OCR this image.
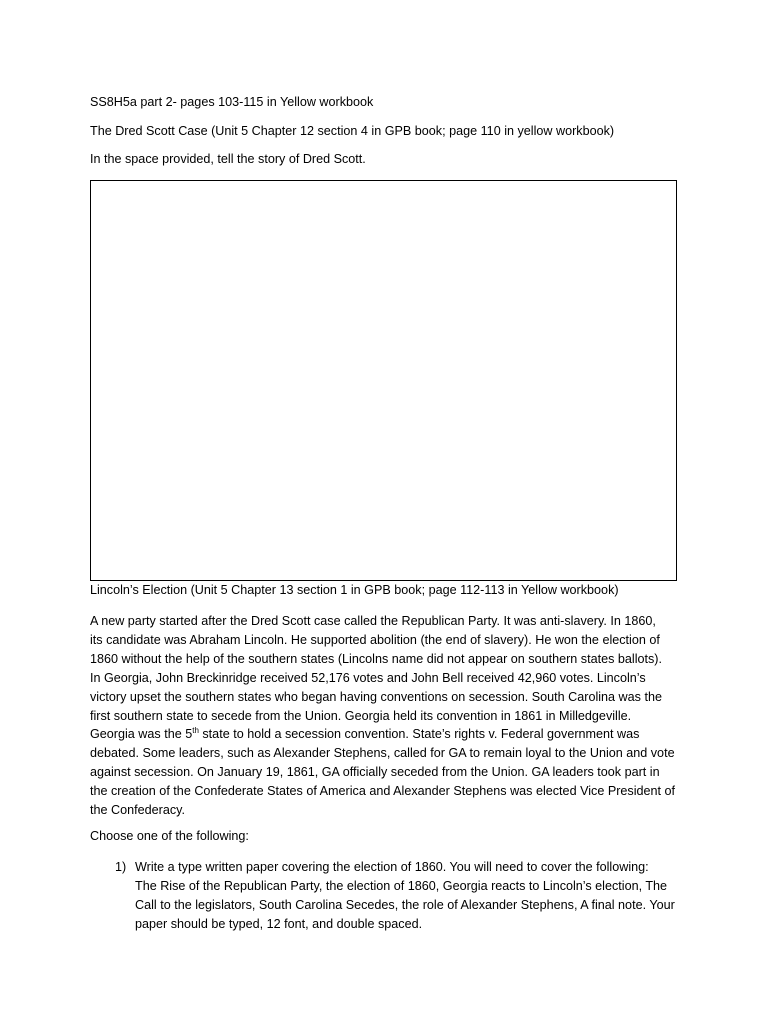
SS8H5a part 2- pages 103-115 in Yellow workbook
The Dred Scott Case (Unit 5 Chapter 12 section 4 in GPB book; page 110 in yellow workbook)
In the space provided, tell the story of Dred Scott.
Lincoln’s Election (Unit 5 Chapter 13 section 1 in GPB book; page 112-113 in Yellow workbook)
A new party started after the Dred Scott case called the Republican Party. It was anti-slavery. In 1860,
its candidate was Abraham Lincoln. He supported abolition (the end of slavery). He won the election of
1860 without the help of the southern states (Lincolns name did not appear on southern states ballots).
In Georgia, John Breckinridge received 52,176 votes and John Bell received 42,960 votes. Lincoln’s
victory upset the southern states who began having conventions on secession. South Carolina was the
first southern state to secede from the Union. Georgia held its convention in 1861 in Milledgeville.
Georgia was the 5th state to hold a secession convention. State’s rights v. Federal government was
debated. Some leaders, such as Alexander Stephens, called for GA to remain loyal to the Union and vote
against secession. On January 19, 1861, GA officially seceded from the Union. GA leaders took part in
the creation of the Confederate States of America and Alexander Stephens was elected Vice President of
the Confederacy.
Choose one of the following:
1) Write a type written paper covering the election of 1860. You will need to cover the following:
The Rise of the Republican Party, the election of 1860, Georgia reacts to Lincoln’s election, The
Call to the legislators, South Carolina Secedes, the role of Alexander Stephens, A final note. Your
paper should be typed, 12 font, and double spaced.
